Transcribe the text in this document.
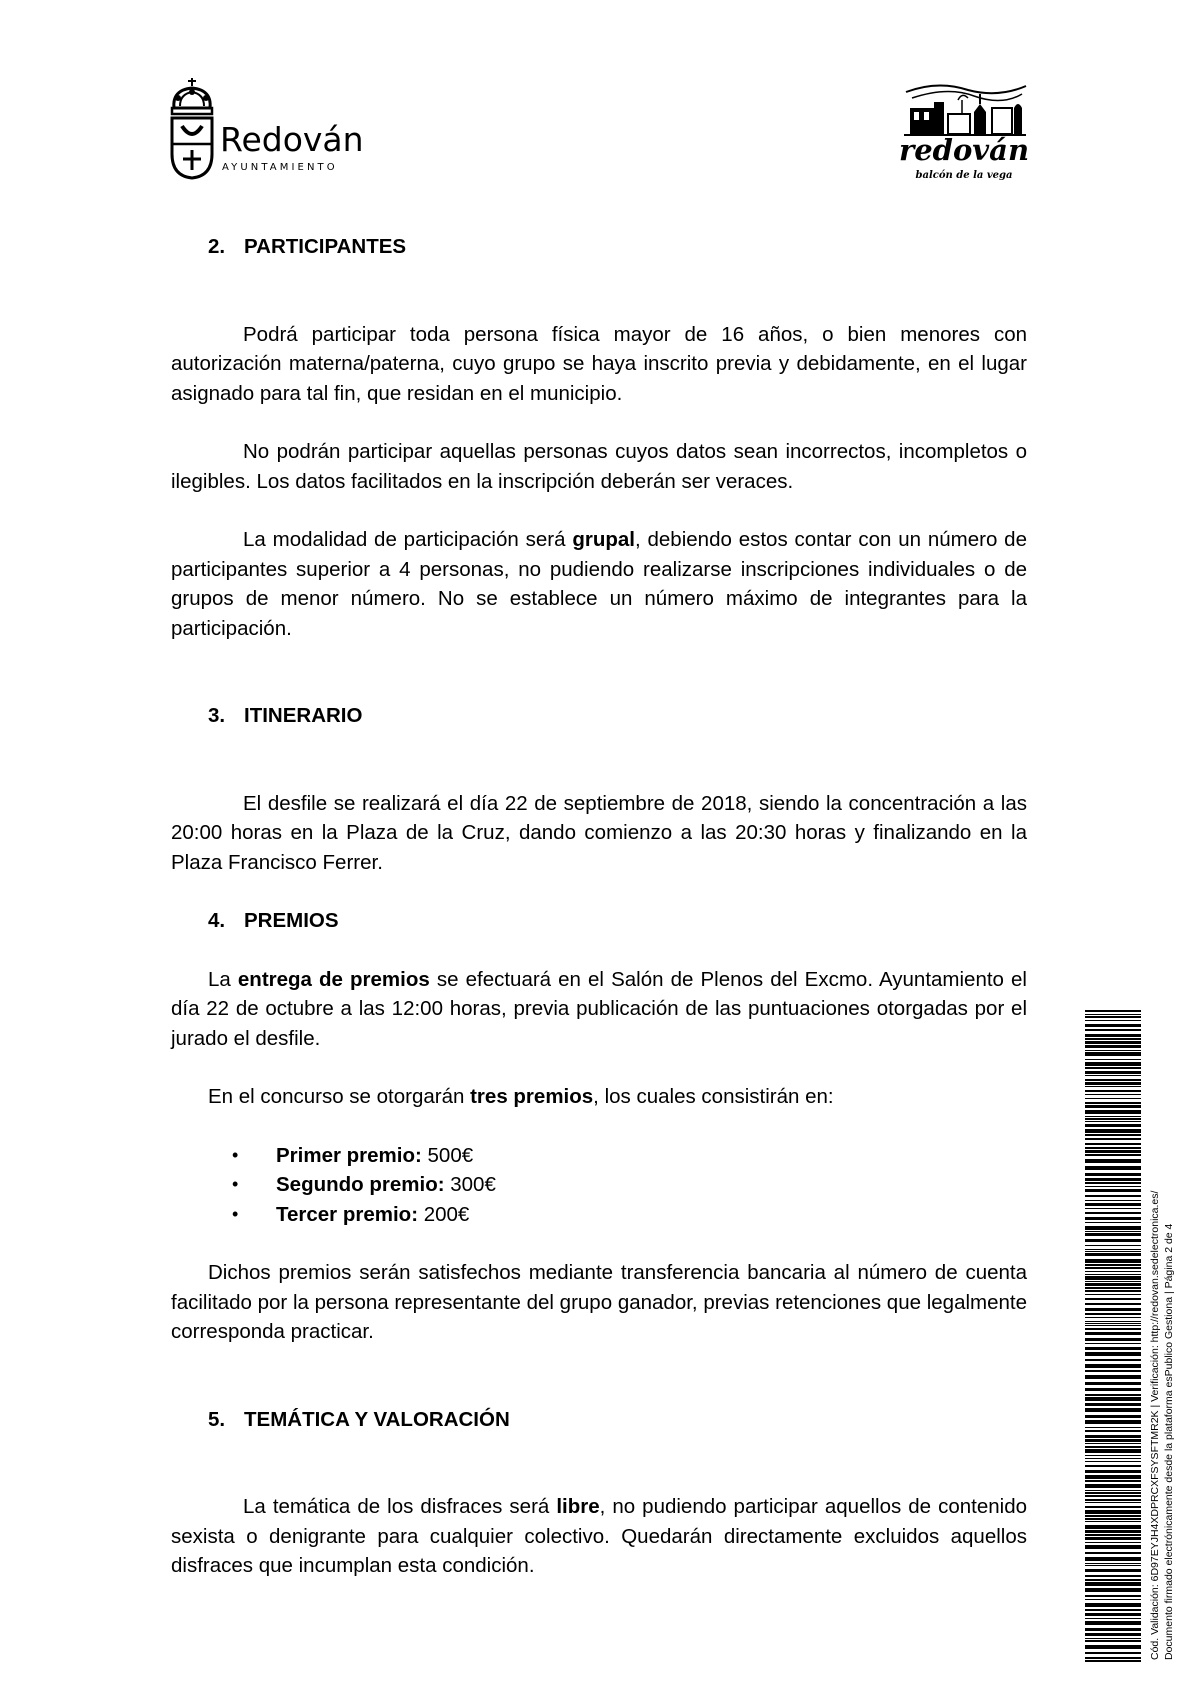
Redován
AYUNTAMIENTO
redován
balcón de la vega
2. PARTICIPANTES

Podrá participar toda persona física mayor de 16 años, o bien menores con autorización materna/paterna, cuyo grupo se haya inscrito previa y debidamente, en el lugar asignado para tal fin, que residan en el municipio.

No podrán participar aquellas personas cuyos datos sean incorrectos, incompletos o ilegibles. Los datos facilitados en la inscripción deberán ser veraces.

La modalidad de participación será grupal, debiendo estos contar con un número de participantes superior a 4 personas, no pudiendo realizarse inscripciones individuales o de grupos de menor número. No se establece un número máximo de integrantes para la participación.

3. ITINERARIO

El desfile se realizará el día 22 de septiembre de 2018, siendo la concentración a las 20:00 horas en la Plaza de la Cruz, dando comienzo a las 20:30 horas y finalizando en la Plaza Francisco Ferrer.

4. PREMIOS

La entrega de premios se efectuará en el Salón de Plenos del Excmo. Ayuntamiento el día 22 de octubre a las 12:00 horas, previa publicación de las puntuaciones otorgadas por el jurado el desfile.

En el concurso se otorgarán tres premios, los cuales consistirán en:

• Primer premio: 500€
• Segundo premio: 300€
• Tercer premio: 200€

Dichos premios serán satisfechos mediante transferencia bancaria al número de cuenta facilitado por la persona representante del grupo ganador, previas retenciones que legalmente corresponda practicar.

5. TEMÁTICA Y VALORACIÓN

La temática de los disfraces será libre, no pudiendo participar aquellos de contenido sexista o denigrante para cualquier colectivo. Quedarán directamente excluidos aquellos disfraces que incumplan esta condición.	Cód. Validación: 6D97EYJH4XDPRCXFSYSFTMR2K | Verificación: http://redovan.sedelectronica.es/ Documento firmado electrónicamente desde la plataforma esPublico Gestiona | Página 2 de 4
